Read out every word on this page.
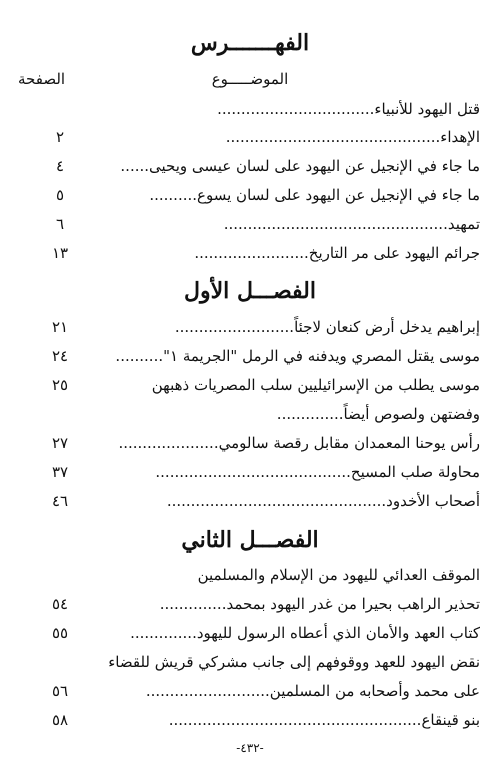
الفهـــــــرس
الموضـــــوع
الصفحة
قتل اليهود للأنبياء.................................
الإهداء.............................................
٢
ما جاء في الإنجيل عن اليهود على لسان عيسى ويحيى......
٤
ما جاء في الإنجيل عن اليهود على لسان يسوع..........
٥
تمهيد...............................................
٦
جرائم اليهود على مر التاريخ........................
١٣
الفصـــل الأول
إبراهيم يدخل أرض كنعان لاجئاً.........................
٢١
موسى يقتل المصري ويدفنه في الرمل "الجريمة ١"..........
٢٤
موسى يطلب من الإسرائيليين سلب المصريات ذهبهن
٢٥
وفضتهن ولصوص أيضاً..............
رأس يوحنا المعمدان مقابل رقصة سالومي.....................
٢٧
محاولة صلب المسيح.........................................
٣٧
أصحاب الأخدود..............................................
٤٦
الفصـــل الثاني
الموقف العدائي لليهود من الإسلام والمسلمين
تحذير الراهب بحيرا من غدر اليهود بمحمد..............
٥٤
كتاب العهد والأمان الذي أعطاه الرسول لليهود..............
٥٥
نقض اليهود للعهد ووقوفهم إلى جانب مشركي قريش للقضاء
على محمد وأصحابه من المسلمين..........................
٥٦
بنو قينقاع.....................................................
٥٨
-٤٣٢-
